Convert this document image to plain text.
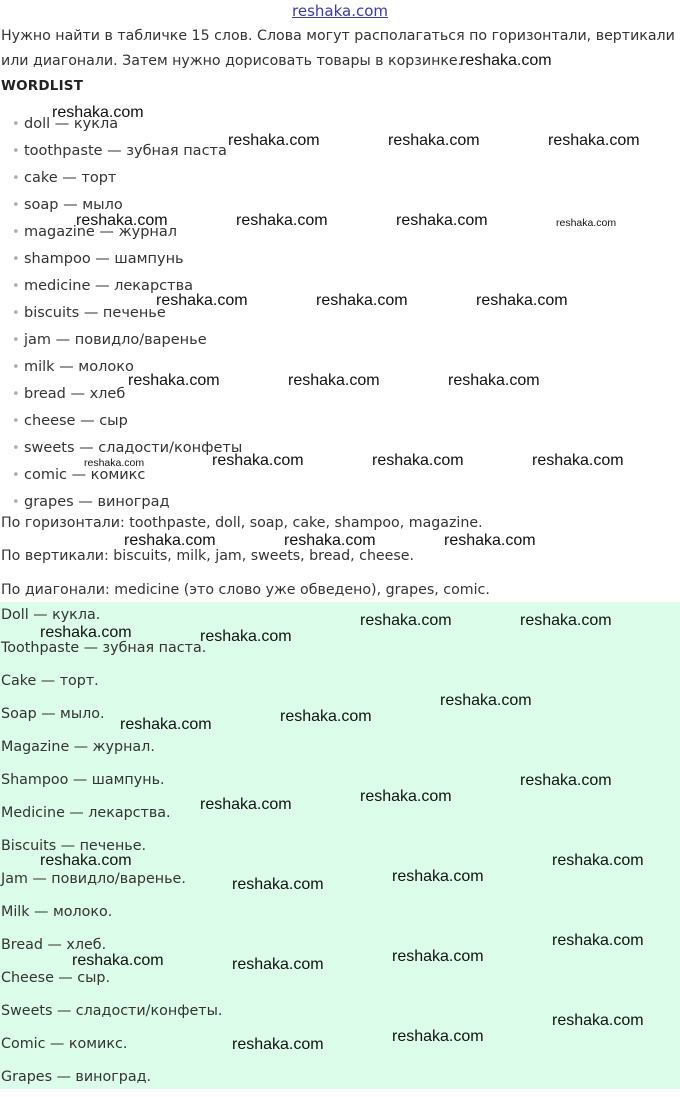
reshaka.com
Нужно найти в табличке 15 слов. Слова могут располагаться по горизонтали, вертикали или диагонали. Затем нужно дорисовать товары в корзинке.
WORDLIST
• doll — кукла
• toothpaste — зубная паста
• cake — торт
• soap — мыло
• magazine — журнал
• shampoo — шампунь
• medicine — лекарства
• biscuits — печенье
• jam — повидло/варенье
• milk — молоко
• bread — хлеб
• cheese — сыр
• sweets — сладости/конфеты
• comic — комикс
• grapes — виноград
По горизонтали: toothpaste, doll, soap, cake, shampoo, magazine.
По вертикали: biscuits, milk, jam, sweets, bread, cheese.
По диагонали: medicine (это слово уже обведено), grapes, comic.
Doll — кукла.
Toothpaste — зубная паста.
Cake — торт.
Soap — мыло.
Magazine — журнал.
Shampoo — шампунь.
Medicine — лекарства.
Biscuits — печенье.
Jam — повидло/варенье.
Milk — молоко.
Bread — хлеб.
Cheese — сыр.
Sweets — сладости/конфеты.
Comic — комикс.
Grapes — виноград.
reshaka.com
reshaka.com
reshaka.com	reshaka.com	reshaka.com
reshaka.com	reshaka.com	reshaka.com	reshaka.com
reshaka.com	reshaka.com	reshaka.com
reshaka.com	reshaka.com	reshaka.com
reshaka.com	reshaka.com	reshaka.com	reshaka.com
reshaka.com	reshaka.com	reshaka.com
reshaka.com	reshaka.com
reshaka.com	reshaka.com
reshaka.com
reshaka.com
reshaka.com
reshaka.com
reshaka.com
reshaka.com
reshaka.com	reshaka.com
reshaka.com
reshaka.com
reshaka.com
reshaka.com
reshaka.com	reshaka.com
reshaka.com
reshaka.com
reshaka.com
